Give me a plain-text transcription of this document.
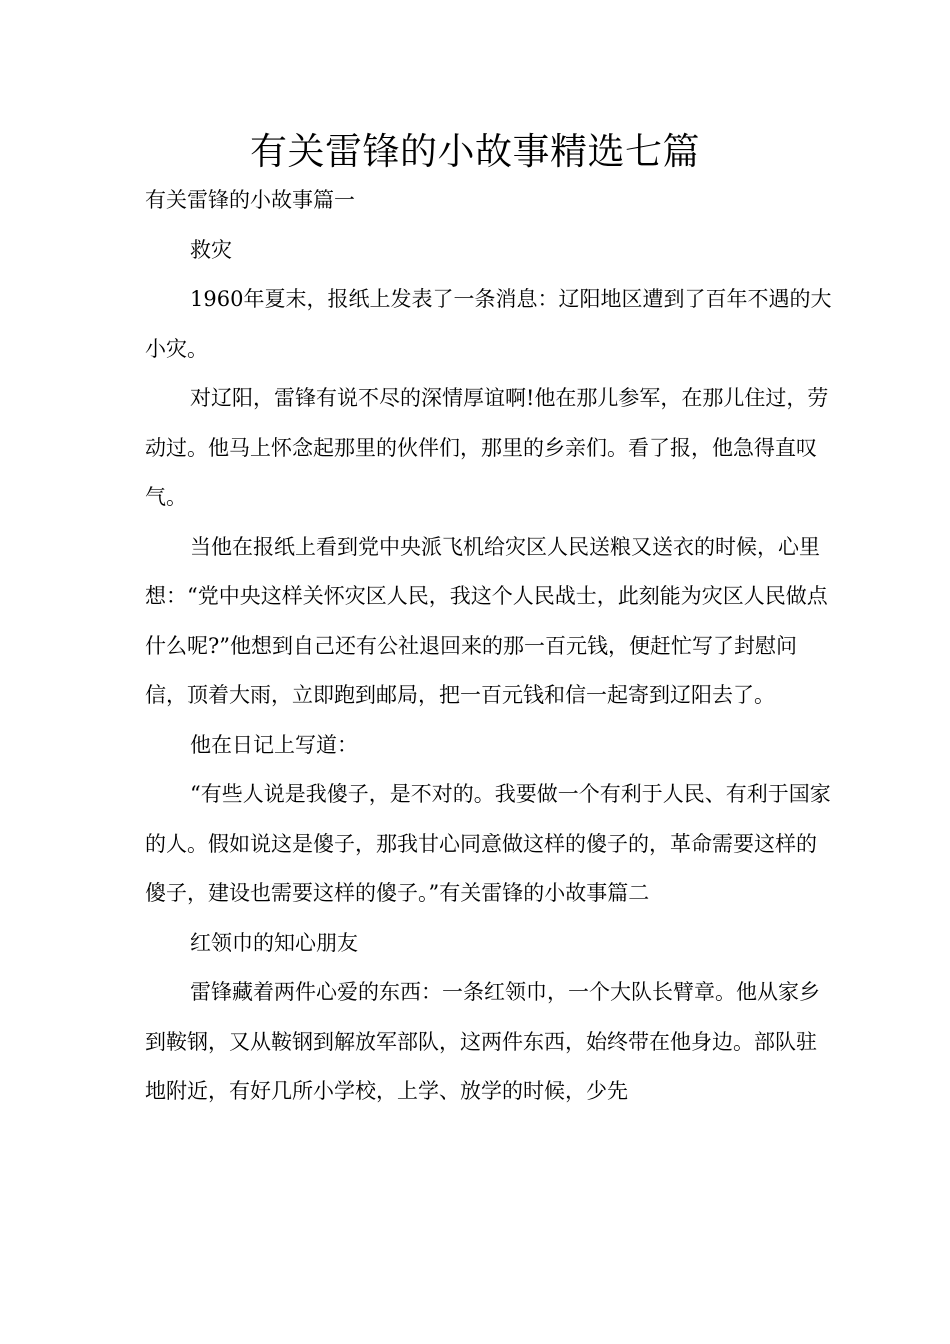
有关雷锋的小故事精选七篇

有关雷锋的小故事篇一

救灾

1960年夏末，报纸上发表了一条消息：辽阳地区遭到了百年不遇的大小灾。

对辽阳，雷锋有说不尽的深情厚谊啊!他在那儿参军，在那儿住过，劳动过。他马上怀念起那里的伙伴们，那里的乡亲们。看了报，他急得直叹气。

当他在报纸上看到党中央派飞机给灾区人民送粮又送衣的时候，心里想：“党中央这样关怀灾区人民，我这个人民战士，此刻能为灾区人民做点什么呢?”他想到自己还有公社退回来的那一百元钱，便赶忙写了封慰问信，顶着大雨，立即跑到邮局，把一百元钱和信一起寄到辽阳去了。

他在日记上写道：

“有些人说是我傻子，是不对的。我要做一个有利于人民、有利于国家的人。假如说这是傻子，那我甘心同意做这样的傻子的，革命需要这样的傻子，建设也需要这样的傻子。”有关雷锋的小故事篇二

红领巾的知心朋友

雷锋藏着两件心爱的东西：一条红领巾，一个大队长臂章。他从家乡到鞍钢，又从鞍钢到解放军部队，这两件东西，始终带在他身边。部队驻地附近，有好几所小学校，上学、放学的时候，少先
